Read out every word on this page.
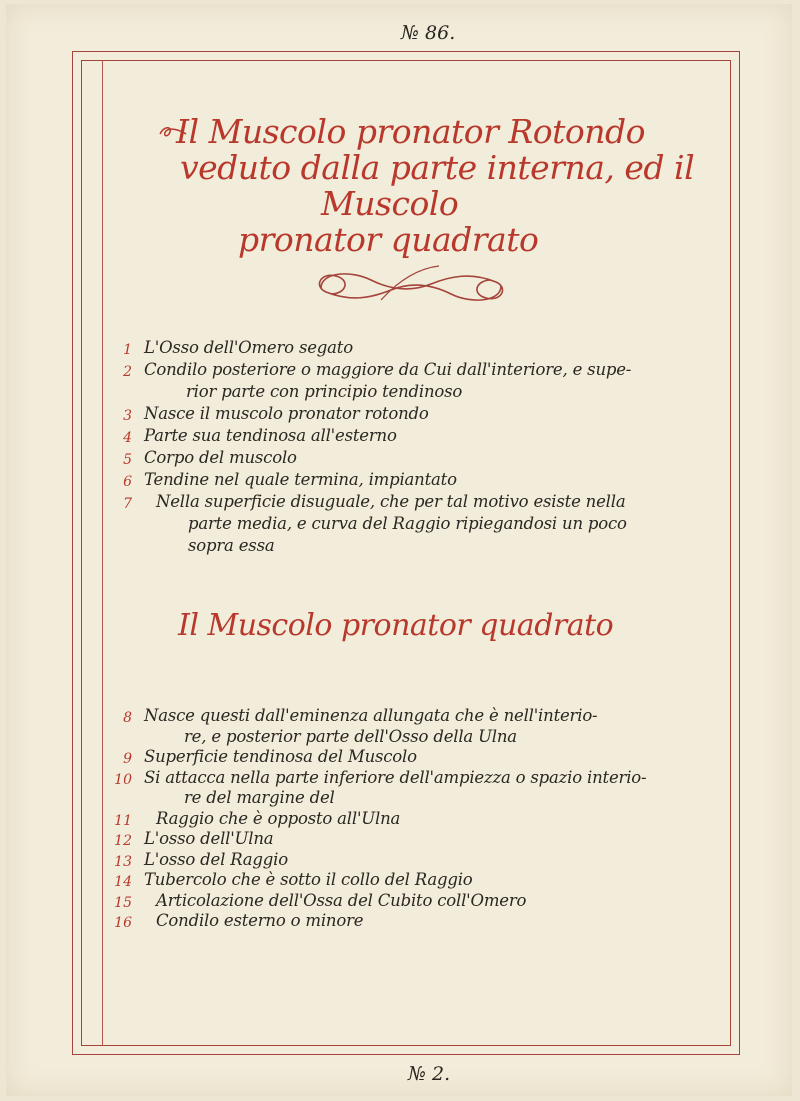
№ 86.
Il Muscolo pronator Rotondo
veduto dalla parte interna, ed il
Muscolo
pronator quadrato
1 L'Osso dell'Omero segato
2 Condilo posteriore o maggiore da Cui dall'interiore, e supe-
rior parte con principio tendinoso
3 Nasce il muscolo pronator rotondo
4 Parte sua tendinosa all'esterno
5 Corpo del muscolo
6 Tendine nel quale termina, impiantato
7 Nella superficie disuguale, che per tal motivo esiste nella
parte media, e curva del Raggio ripiegandosi un poco
sopra essa
Il Muscolo pronator quadrato
8 Nasce questi dall'eminenza allungata che è nell'interio-
re, e posterior parte dell'Osso della Ulna
9 Superficie tendinosa del Muscolo
10 Si attacca nella parte inferiore dell'ampiezza o spazio interio-
re del margine del
11 Raggio che è opposto all'Ulna
12 L'osso dell'Ulna
13 L'osso del Raggio
14 Tubercolo che è sotto il collo del Raggio
15 Articolazione dell'Ossa del Cubito coll'Omero
16 Condilo esterno o minore
№ 2.
